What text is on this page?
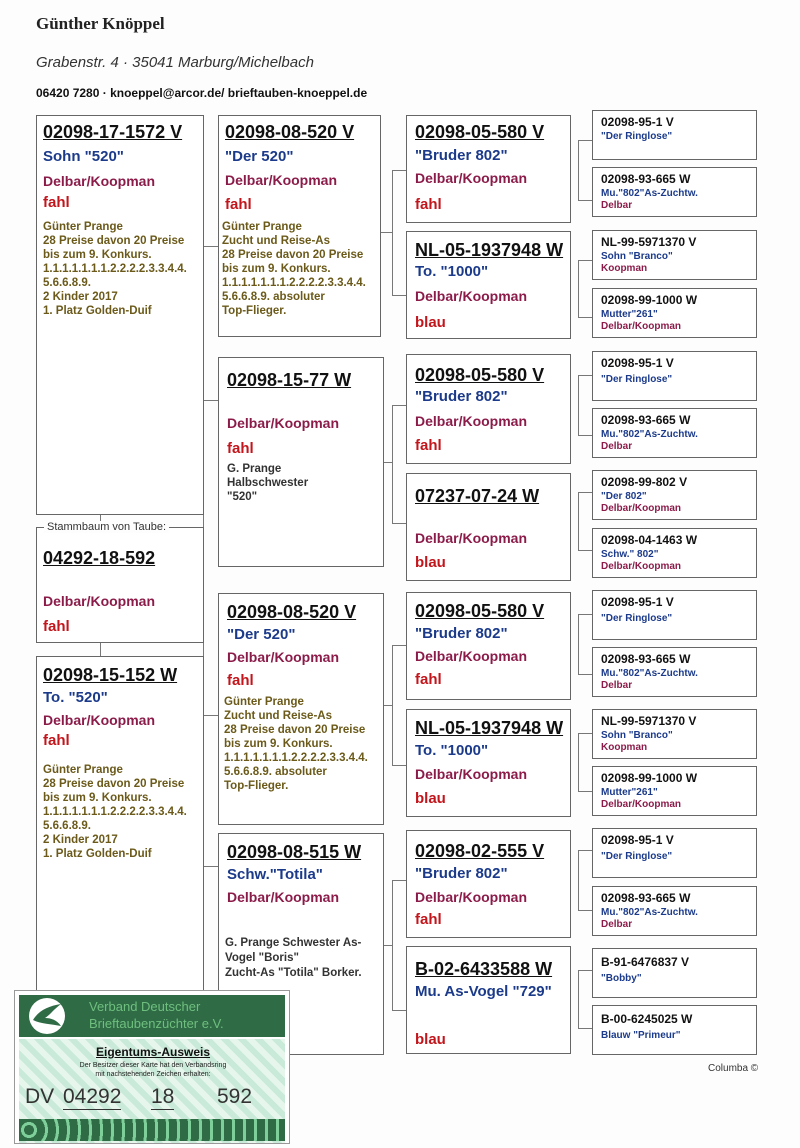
Günther Knöppel
Grabenstr. 4 · 35041 Marburg/Michelbach
06420 7280 · knoeppel@arcor.de/ brieftauben-knoeppel.de
02098-17-1572 V
Sohn "520"
Delbar/Koopman
fahl
Günter Prange
28 Preise davon 20 Preise
bis zum 9. Konkurs.
1.1.1.1.1.1.1.2.2.2.2.3.3.4.4.
5.6.6.8.9.
2 Kinder 2017
1. Platz Golden-Duif
Stammbaum von Taube:
04292-18-592
Delbar/Koopman
fahl
02098-15-152 W
To. "520"
Delbar/Koopman
fahl
Günter Prange
28 Preise davon 20 Preise
bis zum 9. Konkurs.
1.1.1.1.1.1.1.2.2.2.2.3.3.4.4.
5.6.6.8.9.
2 Kinder 2017
1. Platz Golden-Duif
02098-08-520 V
"Der 520"
Delbar/Koopman
fahl
Günter Prange
Zucht und Reise-As
28 Preise davon 20 Preise
bis zum 9. Konkurs.
1.1.1.1.1.1.1.2.2.2.2.3.3.4.4.
5.6.6.8.9. absoluter
Top-Flieger.
02098-15-77 W
Delbar/Koopman
fahl
G. Prange
Halbschwester
"520"
02098-08-520 V
"Der 520"
Delbar/Koopman
fahl
Günter Prange
Zucht und Reise-As
28 Preise davon 20 Preise
bis zum 9. Konkurs.
1.1.1.1.1.1.1.2.2.2.2.3.3.4.4.
5.6.6.8.9. absoluter
Top-Flieger.
02098-08-515 W
Schw."Totila"
Delbar/Koopman
G. Prange Schwester As-
Vogel "Boris"
Zucht-As "Totila" Borker.
02098-05-580 V
"Bruder 802"
Delbar/Koopman
fahl
NL-05-1937948 W
To. "1000"
Delbar/Koopman
blau
02098-05-580 V
"Bruder 802"
Delbar/Koopman
fahl
07237-07-24 W
Delbar/Koopman
blau
02098-05-580 V
"Bruder 802"
Delbar/Koopman
fahl
NL-05-1937948 W
To. "1000"
Delbar/Koopman
blau
02098-02-555 V
"Bruder 802"
Delbar/Koopman
fahl
B-02-6433588 W
Mu. As-Vogel "729"
blau
02098-95-1 V
"Der Ringlose"
02098-93-665 W
Mu."802"As-Zuchtw.
Delbar
NL-99-5971370 V
Sohn "Branco"
Koopman
02098-99-1000 W
Mutter"261"
Delbar/Koopman
02098-95-1 V
"Der Ringlose"
02098-93-665 W
Mu."802"As-Zuchtw.
Delbar
02098-99-802 V
"Der 802"
Delbar/Koopman
02098-04-1463 W
Schw." 802"
Delbar/Koopman
02098-95-1 V
"Der Ringlose"
02098-93-665 W
Mu."802"As-Zuchtw.
Delbar
NL-99-5971370 V
Sohn "Branco"
Koopman
02098-99-1000 W
Mutter"261"
Delbar/Koopman
02098-95-1 V
"Der Ringlose"
02098-93-665 W
Mu."802"As-Zuchtw.
Delbar
B-91-6476837 V
"Bobby"
B-00-6245025 W
Blauw "Primeur"
Columba ©
Verband Deutscher
Brieftaubenzüchter e.V.
Eigentums-Ausweis
Der Besitzer dieser Karte hat den Verbandsring
mit nachstehenden Zeichen erhalten:
DV 04292 18 592
